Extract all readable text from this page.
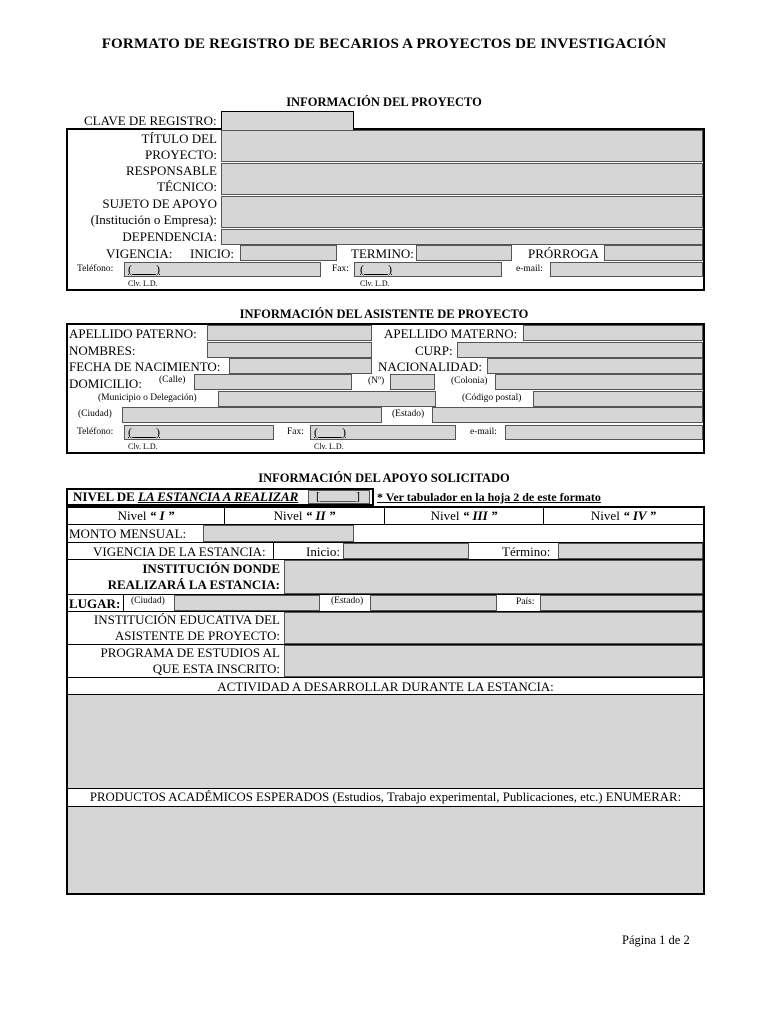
FORMATO DE REGISTRO DE BECARIOS A PROYECTOS DE INVESTIGACIÓN
INFORMACIÓN DEL PROYECTO
CLAVE DE REGISTRO:
TÍTULO DEL
PROYECTO:
RESPONSABLE
TÉCNICO:
SUJETO DE APOYO
(Institución o Empresa):
DEPENDENCIA:
VIGENCIA: INICIO:	TERMINO:	PRÓRROGA
Teléfono: (____)	Fax: (____)	e-mail:
Clv. L.D.	Clv. L.D.
INFORMACIÓN DEL ASISTENTE DE PROYECTO
APELLIDO PATERNO:	APELLIDO MATERNO:
NOMBRES:	CURP:
FECHA DE NACIMIENTO:	NACIONALIDAD:
DOMICILIO: (Calle)	(Nº)	(Colonia)
(Municipio o Delegación)	(Código postal)
(Ciudad)	(Estado)
Teléfono: (____)	Fax: (____)	e-mail:
Clv. L.D.	Clv. L.D.
INFORMACIÓN DEL APOYO SOLICITADO
NIVEL DE LA ESTANCIA A REALIZAR [______] * Ver tabulador en la hoja 2 de este formato
Nivel “ I ”	Nivel “ II ”	Nivel “ III ”	Nivel “ IV ”
MONTO MENSUAL:
VIGENCIA DE LA ESTANCIA:	Inicio:	Término:
INSTITUCIÓN DONDE
REALIZARÁ LA ESTANCIA:
LUGAR: (Ciudad)	(Estado)	País:
INSTITUCIÓN EDUCATIVA DEL
ASISTENTE DE PROYECTO:
PROGRAMA DE ESTUDIOS AL
QUE ESTA INSCRITO:
ACTIVIDAD A DESARROLLAR DURANTE LA ESTANCIA:
PRODUCTOS ACADÉMICOS ESPERADOS (Estudios, Trabajo experimental, Publicaciones, etc.) ENUMERAR:
Página 1 de 2
